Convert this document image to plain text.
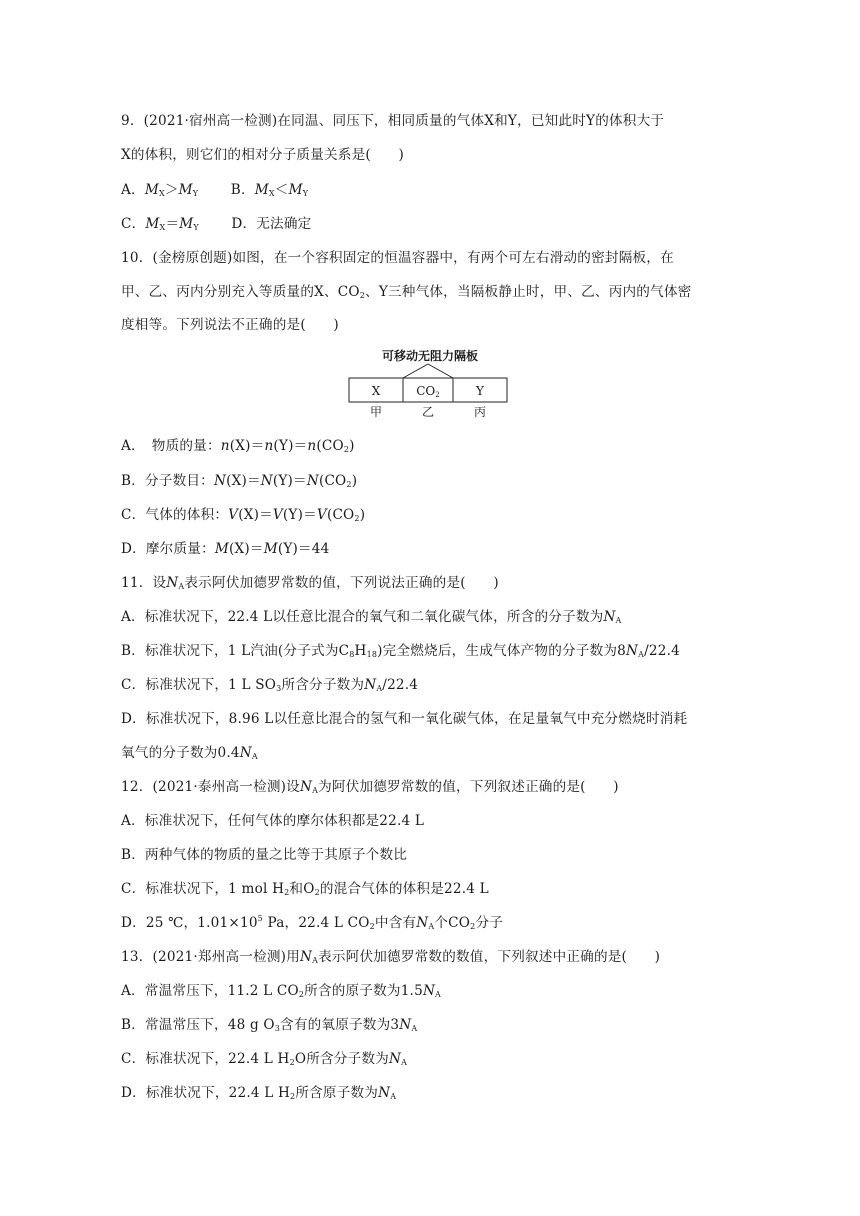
9．(2021·宿州高一检测)在同温、同压下，相同质量的气体X和Y，已知此时Y的体积大于
X的体积，则它们的相对分子质量关系是(　　)
A．$M_X>M_Y$ B．$M_X<M_Y$
C．$M_X=M_Y$ D．无法确定
10．(金榜原创题)如图，在一个容积固定的恒温容器中，有两个可左右滑动的密封隔板，在
甲、乙、丙内分别充入等质量的X、$CO_2$、Y三种气体，当隔板静止时，甲、乙、丙内的气体密
度相等。下列说法不正确的是(　　)
可移动无阻力隔板
X	$CO_2$	Y
甲	乙	丙
A．　物质的量：$n(X)=n(Y)=n(CO_2)$
B．分子数目：$N(X)=N(Y)=N(CO_2)$
C．气体的体积：$V(X)=V(Y)=V(CO_2)$
D．摩尔质量：M(X)＝M(Y)＝44
11．设$N_A$表示阿伏加德罗常数的值，下列说法正确的是(　　)
A．标准状况下，22.4 L以任意比混合的氧气和二氧化碳气体，所含的分子数为$N_A$
B．标准状况下，1 L汽油(分子式为$C_8H_{18}$)完全燃烧后，生成气体产物的分子数为$8N_A/22.4$
C．标准状况下，1 L $SO_3$所含分子数为$N_A/22.4$
D．标准状况下，8.96 L以任意比混合的氢气和一氧化碳气体，在足量氧气中充分燃烧时消耗
氧气的分子数为$0.4N_A$
12．(2021·泰州高一检测)设$N_A$为阿伏加德罗常数的值，下列叙述正确的是(　　)
A．标准状况下，任何气体的摩尔体积都是22.4 L
B．两种气体的物质的量之比等于其原子个数比
C．标准状况下，1 mol $H_2$和$O_2$的混合气体的体积是22.4 L
D．25 ℃，$1.01\times 10^5$ Pa，22.4 L $CO_2$中含有$N_A$个$CO_2$分子
13．(2021·郑州高一检测)用$N_A$表示阿伏加德罗常数的数值，下列叙述中正确的是(　　)
A．常温常压下，11.2 L $CO_2$所含的原子数为$1.5N_A$
B．常温常压下，48 g $O_3$含有的氧原子数为$3N_A$
C．标准状况下，22.4 L $H_2O$所含分子数为$N_A$
D．标准状况下，22.4 L $H_2$所含原子数为$N_A$
